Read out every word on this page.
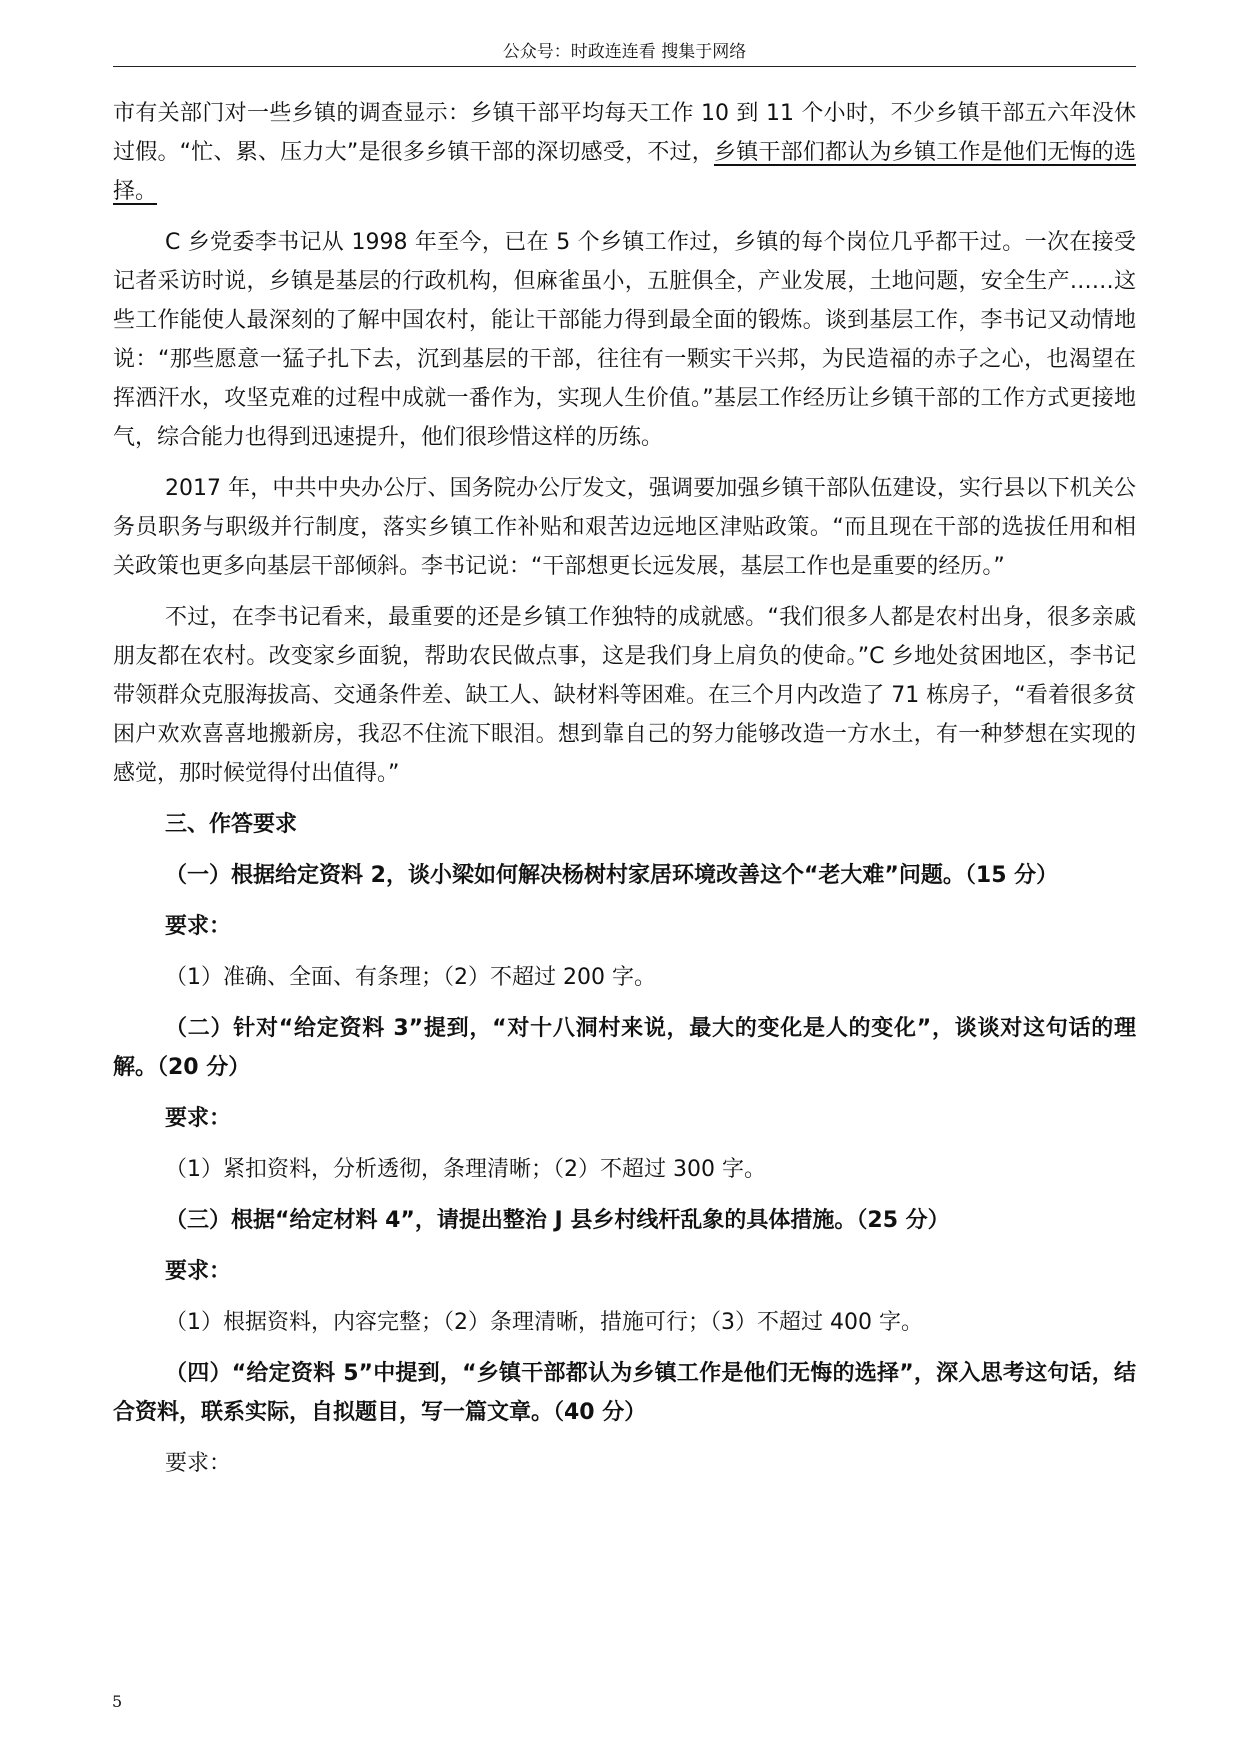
公众号：时政连连看 搜集于网络

市有关部门对一些乡镇的调查显示：乡镇干部平均每天工作 10 到 11 个小时，不少乡镇干部五六年没休过假。“忙、累、压力大”是很多乡镇干部的深切感受，不过，乡镇干部们都认为乡镇工作是他们无悔的选择。

C 乡党委李书记从 1998 年至今，已在 5 个乡镇工作过，乡镇的每个岗位几乎都干过。一次在接受记者采访时说，乡镇是基层的行政机构，但麻雀虽小，五脏俱全，产业发展，土地问题，安全生产……这些工作能使人最深刻的了解中国农村，能让干部能力得到最全面的锻炼。谈到基层工作，李书记又动情地说：“那些愿意一猛子扎下去，沉到基层的干部，往往有一颗实干兴邦，为民造福的赤子之心，也渴望在挥洒汗水，攻坚克难的过程中成就一番作为，实现人生价值。”基层工作经历让乡镇干部的工作方式更接地气，综合能力也得到迅速提升，他们很珍惜这样的历练。

2017 年，中共中央办公厅、国务院办公厅发文，强调要加强乡镇干部队伍建设，实行县以下机关公务员职务与职级并行制度，落实乡镇工作补贴和艰苦边远地区津贴政策。“而且现在干部的选拔任用和相关政策也更多向基层干部倾斜。李书记说：“干部想更长远发展，基层工作也是重要的经历。”

不过，在李书记看来，最重要的还是乡镇工作独特的成就感。“我们很多人都是农村出身，很多亲戚朋友都在农村。改变家乡面貌，帮助农民做点事，这是我们身上肩负的使命。”C 乡地处贫困地区，李书记带领群众克服海拔高、交通条件差、缺工人、缺材料等困难。在三个月内改造了 71 栋房子，“看着很多贫困户欢欢喜喜地搬新房，我忍不住流下眼泪。想到靠自己的努力能够改造一方水土，有一种梦想在实现的感觉，那时候觉得付出值得。”

三、作答要求

（一）根据给定资料 2，谈小梁如何解决杨树村家居环境改善这个“老大难”问题。（15 分）

要求：

（1）准确、全面、有条理；（2）不超过 200 字。

（二）针对“给定资料 3”提到，“对十八洞村来说，最大的变化是人的变化”，谈谈对这句话的理解。（20 分）

要求：

（1）紧扣资料，分析透彻，条理清晰；（2）不超过 300 字。

（三）根据“给定材料 4”，请提出整治 J 县乡村线杆乱象的具体措施。（25 分）

要求：

（1）根据资料，内容完整；（2）条理清晰，措施可行；（3）不超过 400 字。

（四）“给定资料 5”中提到，“乡镇干部都认为乡镇工作是他们无悔的选择”，深入思考这句话，结合资料，联系实际，自拟题目，写一篇文章。（40 分）

要求：

5
